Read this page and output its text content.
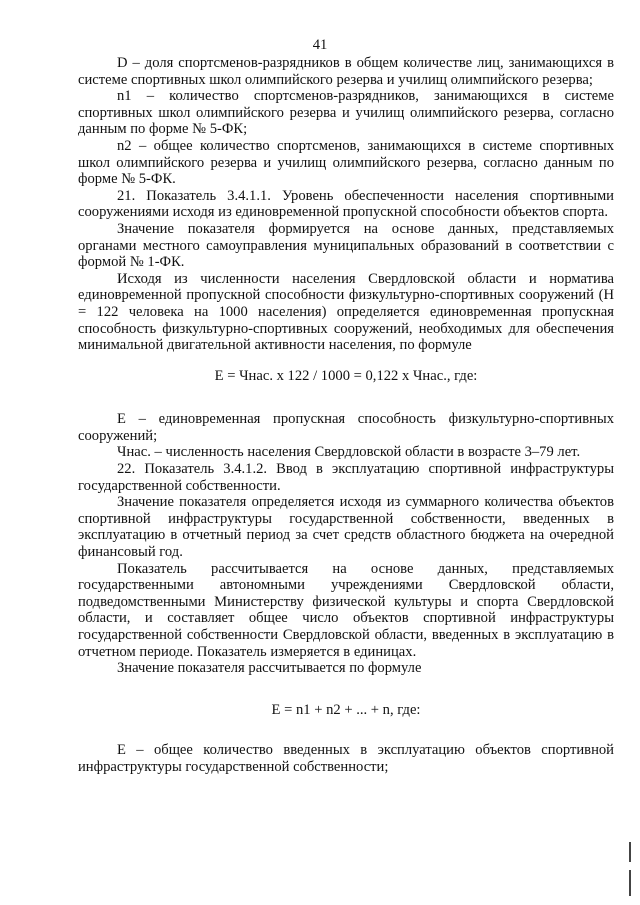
41

D – доля спортсменов-разрядников в общем количестве лиц, занимающихся в системе спортивных школ олимпийского резерва и училищ олимпийского резерва;

n1 – количество спортсменов-разрядников, занимающихся в системе спортивных школ олимпийского резерва и училищ олимпийского резерва, согласно данным по форме № 5-ФК;

n2 – общее количество спортсменов, занимающихся в системе спортивных школ олимпийского резерва и училищ олимпийского резерва, согласно данным по форме № 5-ФК.

21. Показатель 3.4.1.1. Уровень обеспеченности населения спортивными сооружениями исходя из единовременной пропускной способности объектов спорта.

Значение показателя формируется на основе данных, представляемых органами местного самоуправления муниципальных образований в соответствии с формой № 1-ФК.

Исходя из численности населения Свердловской области и норматива единовременной пропускной способности физкультурно-спортивных сооружений (Н = 122 человека на 1000 населения) определяется единовременная пропускная способность физкультурно-спортивных сооружений, необходимых для обеспечения минимальной двигательной активности населения, по формуле

Е = Чнас. х 122 / 1000 = 0,122 х Чнас., где:

Е – единовременная пропускная способность физкультурно-спортивных сооружений;

Чнас. – численность населения Свердловской области в возрасте 3–79 лет.

22. Показатель 3.4.1.2. Ввод в эксплуатацию спортивной инфраструктуры государственной собственности.

Значение показателя определяется исходя из суммарного количества объектов спортивной инфраструктуры государственной собственности, введенных в эксплуатацию в отчетный период за счет средств областного бюджета на очередной финансовый год.

Показатель рассчитывается на основе данных, представляемых государственными автономными учреждениями Свердловской области, подведомственными Министерству физической культуры и спорта Свердловской области, и составляет общее число объектов спортивной инфраструктуры государственной собственности Свердловской области, введенных в эксплуатацию в отчетном периоде. Показатель измеряется в единицах.

Значение показателя рассчитывается по формуле

Е = n1 + n2 + ... + n, где:

Е – общее количество введенных в эксплуатацию объектов спортивной инфраструктуры государственной собственности;
